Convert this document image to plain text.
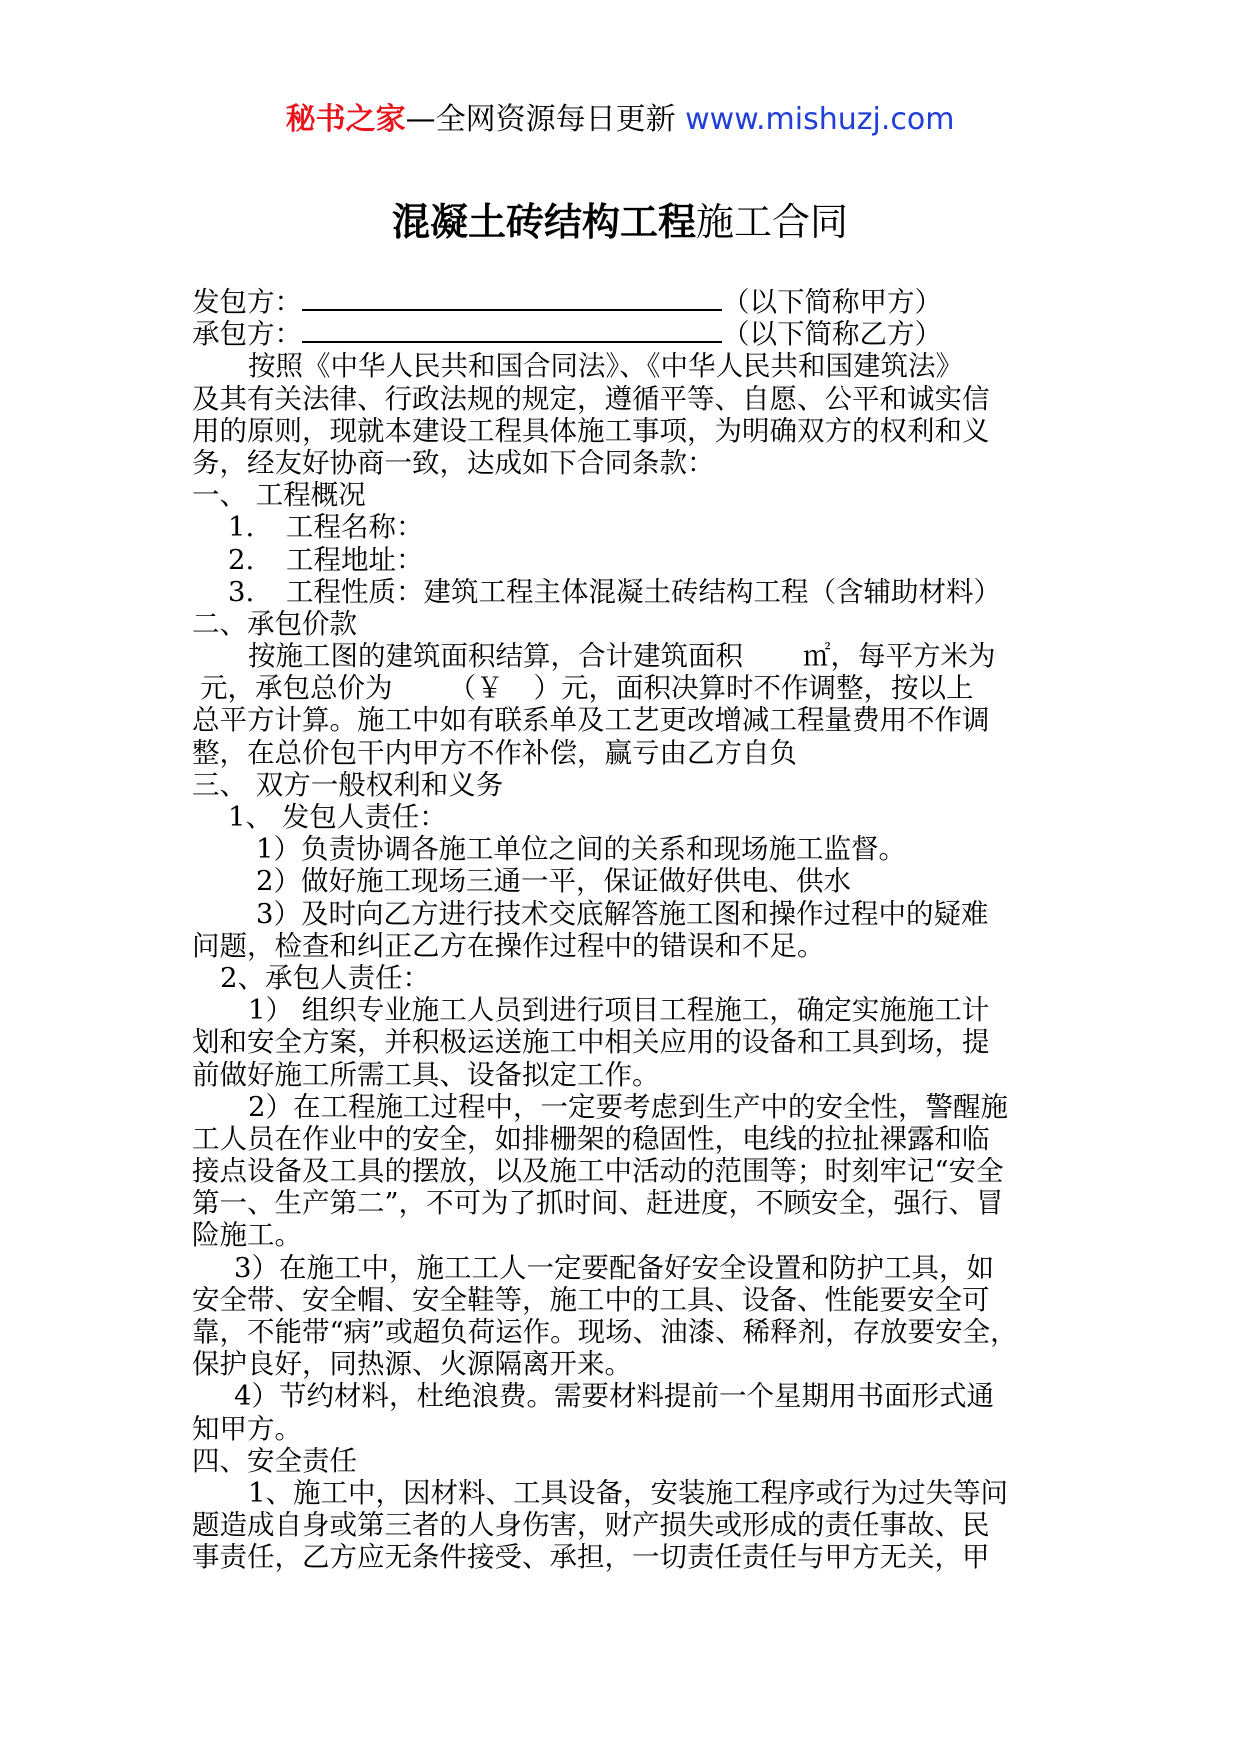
秘书之家—全网资源每日更新 www.mishuzj.com
混凝土砖结构工程施工合同
发包方：	（以下简称甲方）
承包方：	（以下简称乙方）
按照《中华人民共和国合同法》、《中华人民共和国建筑法》
及其有关法律、行政法规的规定，遵循平等、自愿、公平和诚实信
用的原则，现就本建设工程具体施工事项，为明确双方的权利和义
务，经友好协商一致，达成如下合同条款：
一、 工程概况
1. 工程名称：
2. 工程地址：
3. 工程性质：建筑工程主体混凝土砖结构工程（含辅助材料）
二、承包价款
按施工图的建筑面积结算，合计建筑面积 ㎡，每平方米为
元，承包总价为 （￥ ）元，面积决算时不作调整，按以上
总平方计算。施工中如有联系单及工艺更改增减工程量费用不作调
整，在总价包干内甲方不作补偿，赢亏由乙方自负
三、 双方一般权利和义务
1、 发包人责任：
1）负责协调各施工单位之间的关系和现场施工监督。
2）做好施工现场三通一平，保证做好供电、供水
3）及时向乙方进行技术交底解答施工图和操作过程中的疑难
问题，检查和纠正乙方在操作过程中的错误和不足。
2、承包人责任：
1） 组织专业施工人员到进行项目工程施工，确定实施施工计
划和安全方案，并积极运送施工中相关应用的设备和工具到场，提
前做好施工所需工具、设备拟定工作。
2）在工程施工过程中，一定要考虑到生产中的安全性，警醒施
工人员在作业中的安全，如排栅架的稳固性，电线的拉扯裸露和临
接点设备及工具的摆放，以及施工中活动的范围等；时刻牢记“安全
第一、生产第二”，不可为了抓时间、赶进度，不顾安全，强行、冒
险施工。
3）在施工中，施工工人一定要配备好安全设置和防护工具，如
安全带、安全帽、安全鞋等，施工中的工具、设备、性能要安全可
靠，不能带“病”或超负荷运作。现场、油漆、稀释剂，存放要安全，
保护良好，同热源、火源隔离开来。
4）节约材料，杜绝浪费。需要材料提前一个星期用书面形式通
知甲方。
四、安全责任
1、施工中，因材料、工具设备，安装施工程序或行为过失等问
题造成自身或第三者的人身伤害，财产损失或形成的责任事故、民
事责任，乙方应无条件接受、承担，一切责任责任与甲方无关，甲
